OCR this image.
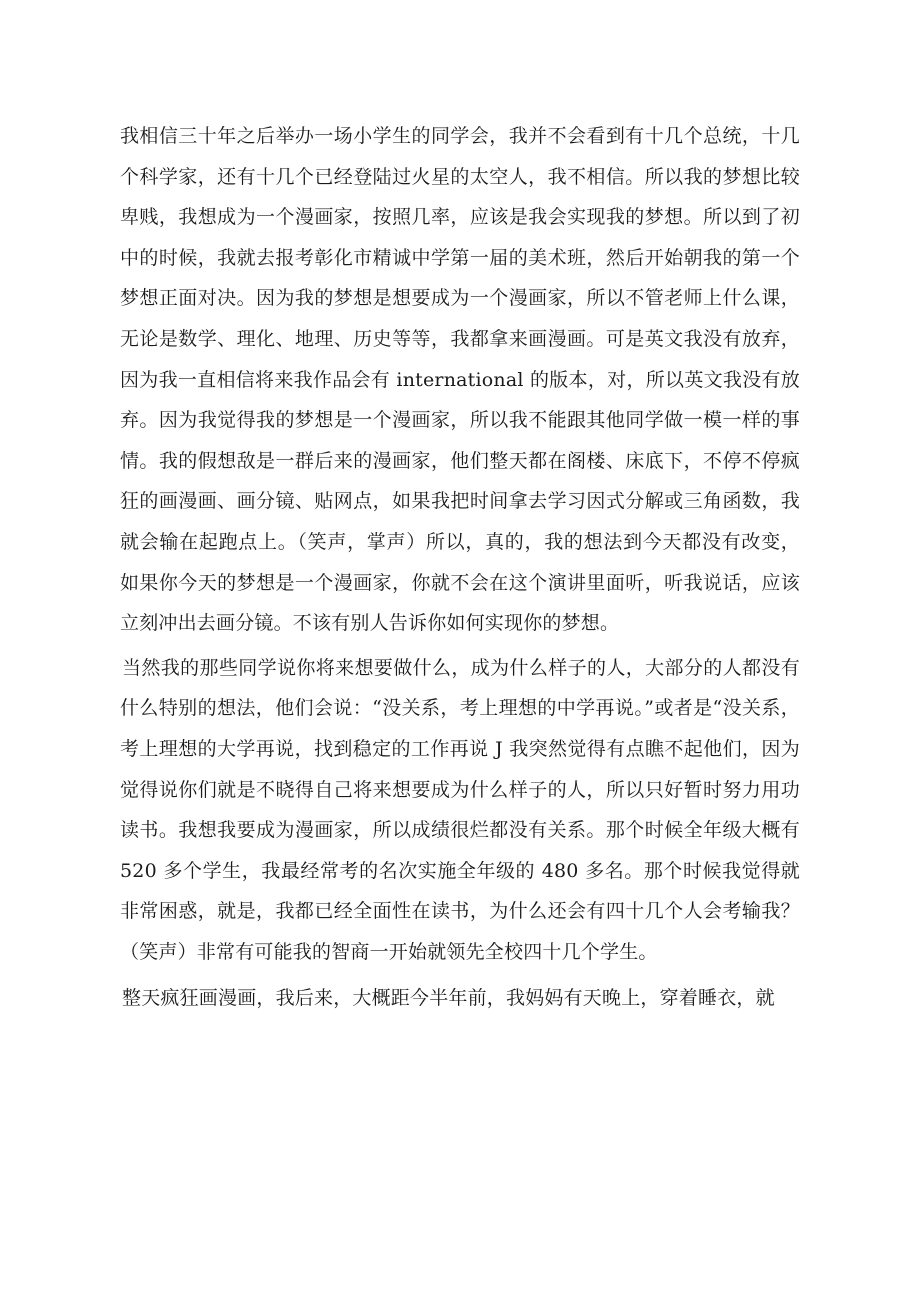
我相信三十年之后举办一场小学生的同学会，我并不会看到有十几个总统，十几个科学家，还有十几个已经登陆过火星的太空人，我不相信。所以我的梦想比较卑贱，我想成为一个漫画家，按照几率，应该是我会实现我的梦想。所以到了初中的时候，我就去报考彰化市精诚中学第一届的美术班，然后开始朝我的第一个梦想正面对决。因为我的梦想是想要成为一个漫画家，所以不管老师上什么课，无论是数学、理化、地理、历史等等，我都拿来画漫画。可是英文我没有放弃，因为我一直相信将来我作品会有 international 的版本，对，所以英文我没有放弃。因为我觉得我的梦想是一个漫画家，所以我不能跟其他同学做一模一样的事情。我的假想敌是一群后来的漫画家，他们整天都在阁楼、床底下，不停不停疯狂的画漫画、画分镜、贴网点，如果我把时间拿去学习因式分解或三角函数，我就会输在起跑点上。（笑声，掌声）所以，真的，我的想法到今天都没有改变，如果你今天的梦想是一个漫画家，你就不会在这个演讲里面听，听我说话，应该立刻冲出去画分镜。不该有别人告诉你如何实现你的梦想。

当然我的那些同学说你将来想要做什么，成为什么样子的人，大部分的人都没有什么特别的想法，他们会说：“没关系，考上理想的中学再说。”或者是“没关系，考上理想的大学再说，找到稳定的工作再说 J 我突然觉得有点瞧不起他们，因为觉得说你们就是不晓得自己将来想要成为什么样子的人，所以只好暂时努力用功读书。我想我要成为漫画家，所以成绩很烂都没有关系。那个时候全年级大概有 520 多个学生，我最经常考的名次实施全年级的 480 多名。那个时候我觉得就非常困惑，就是，我都已经全面性在读书，为什么还会有四十几个人会考输我？（笑声）非常有可能我的智商一开始就领先全校四十几个学生。

整天疯狂画漫画，我后来，大概距今半年前，我妈妈有天晚上，穿着睡衣，就
